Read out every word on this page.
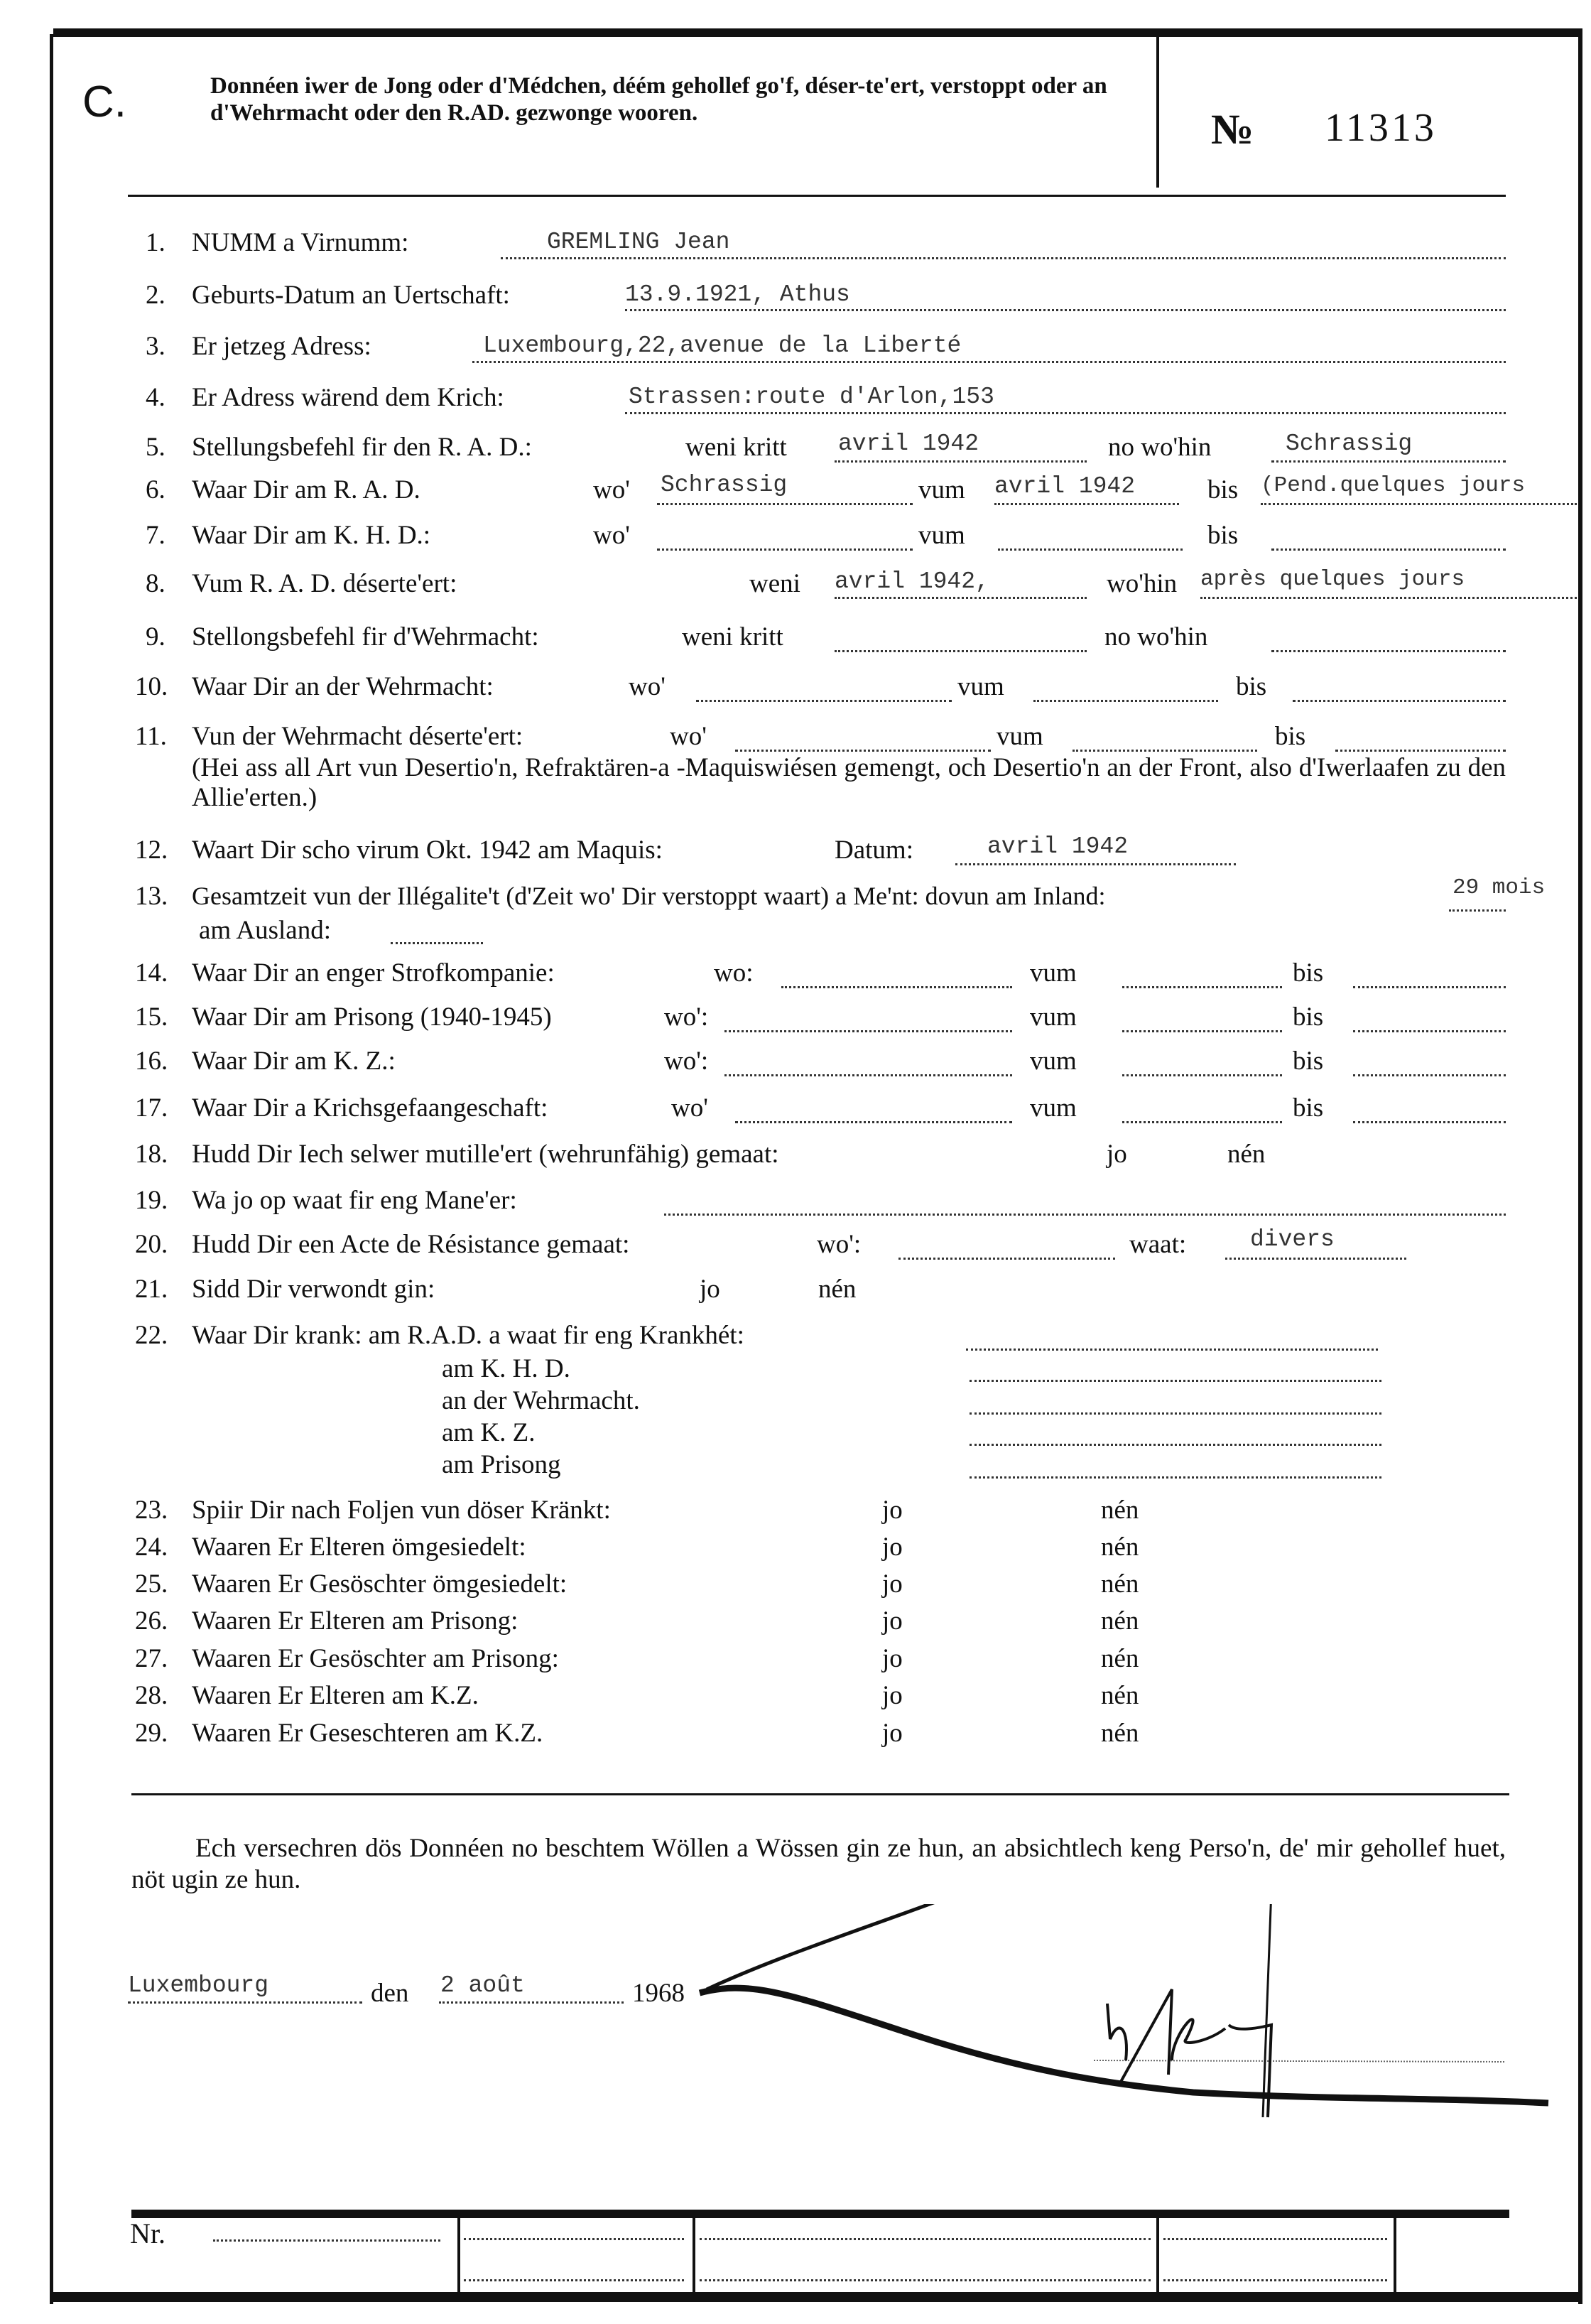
C.	Donnéen iwer de Jong oder d'Médchen, déém gehollef go'f, déser-te'ert, verstoppt oder an d'Wehrmacht oder den R.AD. gezwonge wooren.	№ 11313
1. NUMM a Virnumm:	GREMLING Jean
2. Geburts-Datum an Uertschaft:	13.9.1921, Athus
3. Er jetzeg Adress:	Luxembourg,22,avenue de la Liberté
4. Er Adress wärend dem Krich:	Strassen:route d'Arlon,153
5. Stellungsbefehl fir den R. A. D.:	weni kritt avril 1942	no wo'hin	Schrassig
6. Waar Dir am R. A. D.	wo' Schrassig	vum avril 1942	bis (Pend.quelques jours
7. Waar Dir am K. H. D.:	wo'	vum	bis
8. Vum R. A. D. déserte'ert:	weni avril 1942,	wo'hin après quelques jours
9. Stellongsbefehl fir d'Wehrmacht:	weni kritt	no wo'hin
10. Waar Dir an der Wehrmacht:	wo'	vum	bis
11. Vun der Wehrmacht déserte'ert:	wo'	vum	bis
(Hei ass all Art vun Desertio'n, Refraktären-a -Maquiswiésen gemengt, och Desertio'n an der Front, also d'Iwerlaafen zu den Allie'erten.)
12. Waart Dir scho virum Okt. 1942 am Maquis:	Datum:	avril 1942
13. Gesamtzeit vun der Illégalite't (d'Zeit wo' Dir verstoppt waart) a Me'nt: dovun am Inland:	29 mois
am Ausland:
14. Waar Dir an enger Strofkompanie:	wo:	vum	bis
15. Waar Dir am Prisong (1940-1945)	wo':	vum	bis
16. Waar Dir am K. Z.:	wo':	vum	bis
17. Waar Dir a Krichsgefaangeschaft:	wo'	vum	bis
18. Hudd Dir Iech selwer mutille'ert (wehrunfähig) gemaat:	jo	nén
19. Wa jo op waat fir eng Mane'er:
20. Hudd Dir een Acte de Résistance gemaat:	wo':	waat:	divers
21. Sidd Dir verwondt gin:	jo	nén
22. Waar Dir krank: am R.A.D. a waat fir eng Krankhét:
am K. H. D.
an der Wehrmacht.
am K. Z.
am Prisong
23. Spiir Dir nach Foljen vun döser Kränkt:	jo	nén
24. Waaren Er Elteren ömgesiedelt:	jo	nén
25. Waaren Er Gesöschter ömgesiedelt:	jo	nén
26. Waaren Er Elteren am Prisong:	jo	nén
27. Waaren Er Gesöschter am Prisong:	jo	nén
28. Waaren Er Elteren am K.Z.	jo	nén
29. Waaren Er Geseschteren am K.Z.	jo	nén
Ech versechren dös Donnéen no beschtem Wöllen a Wössen gin ze hun, an absichtlech keng Perso'n, de' mir gehollef huet, nöt ugin ze hun.
Luxembourg	den 2 août	1968
Nr.
